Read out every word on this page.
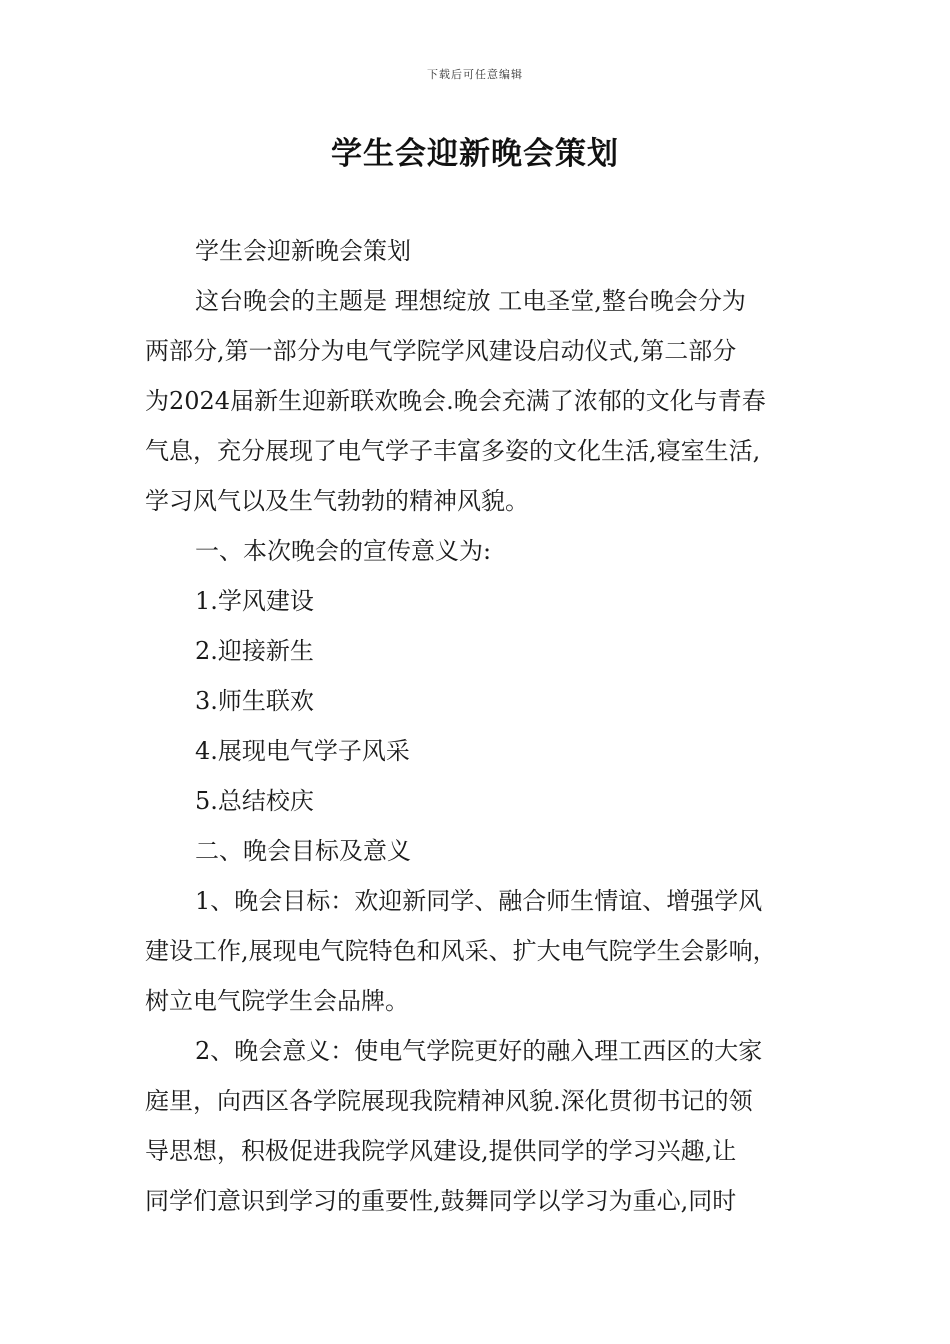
下载后可任意编辑
学生会迎新晚会策划

学生会迎新晚会策划

这台晚会的主题是 理想绽放 工电圣堂,整台晚会分为
两部分,第一部分为电气学院学风建设启动仪式,第二部分
为2024届新生迎新联欢晚会.晚会充满了浓郁的文化与青春
气息，充分展现了电气学子丰富多姿的文化生活,寝室生活,
学习风气以及生气勃勃的精神风貌。

一、本次晚会的宣传意义为:

1.学风建设

2.迎接新生

3.师生联欢

4.展现电气学子风采

5.总结校庆

二、晚会目标及意义

1、晚会目标：欢迎新同学、融合师生情谊、增强学风
建设工作,展现电气院特色和风采、扩大电气院学生会影响，
树立电气院学生会品牌。

2、晚会意义：使电气学院更好的融入理工西区的大家
庭里，向西区各学院展现我院精神风貌.深化贯彻书记的领
导思想，积极促进我院学风建设,提供同学的学习兴趣,让
同学们意识到学习的重要性,鼓舞同学以学习为重心,同时
